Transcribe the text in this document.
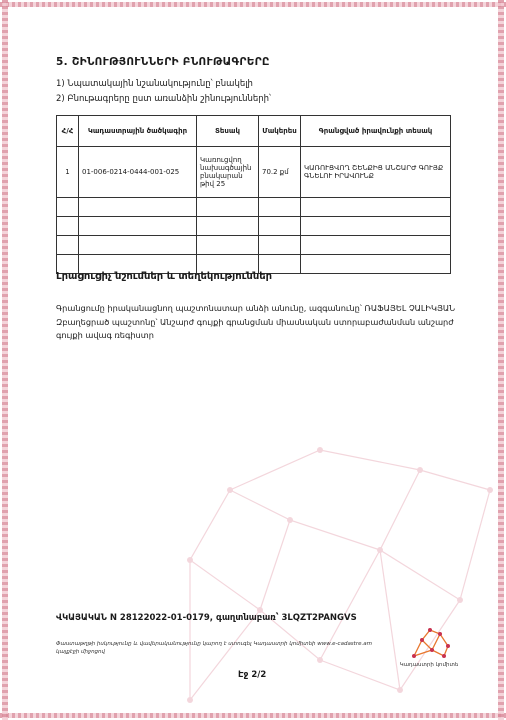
5. ՇԻՆՈՒԹՅՈՒՆՆԵՐԻ ԲՆՈՒԹԱԳՐԵՐԸ
1) Նպատակային նշանակությունը՝ բնակելի
2) Բնութագրերը ըստ առանձին շինությունների՝
Հ/Հ	Կադաստրային ծածկագիր	Տեսակ	Մակերես	Գրանցված իրավունքի տեսակ
1	01-006-0214-0444-001-025	Կառուցվող նախագծային բնակարան թիվ 25	70.2 քմ	ԿԱՌՈՒՑՎՈՂ ՇԵՆՔԻՑ ԱՆՇԱՐԺ ԳՈՒՅՔ ԳՆԵԼՈՒ ԻՐԱՎՈՒՆՔ

Լրացուցիչ նշումներ և տեղեկություններ

Գրանցումը իրականացնող պաշտոնատար անձի անունը, ազգանունը՝ ՌԱՖԱՅԵԼ ՉԱԼԻԿՅԱՆ

Զբաղեցրած պաշտոնը՝ Անշարժ գույքի գրանցման միասնական ստորաբաժանման անշարժ գույքի ավագ ռեգիստր

ՎԿԱՅԱԿԱՆ N 28122022-01-0179, գաղտնաբառ՝ 3LQZT2PANGVS
Փաստաթղթի իսկությունը և վավերականությունը կարող է ստուգել Կադաստրի կոմիտեի www.e-cadastre.am կայքէջի միջոցով
Էջ 2/2
Կադաստրի կոմիտե
